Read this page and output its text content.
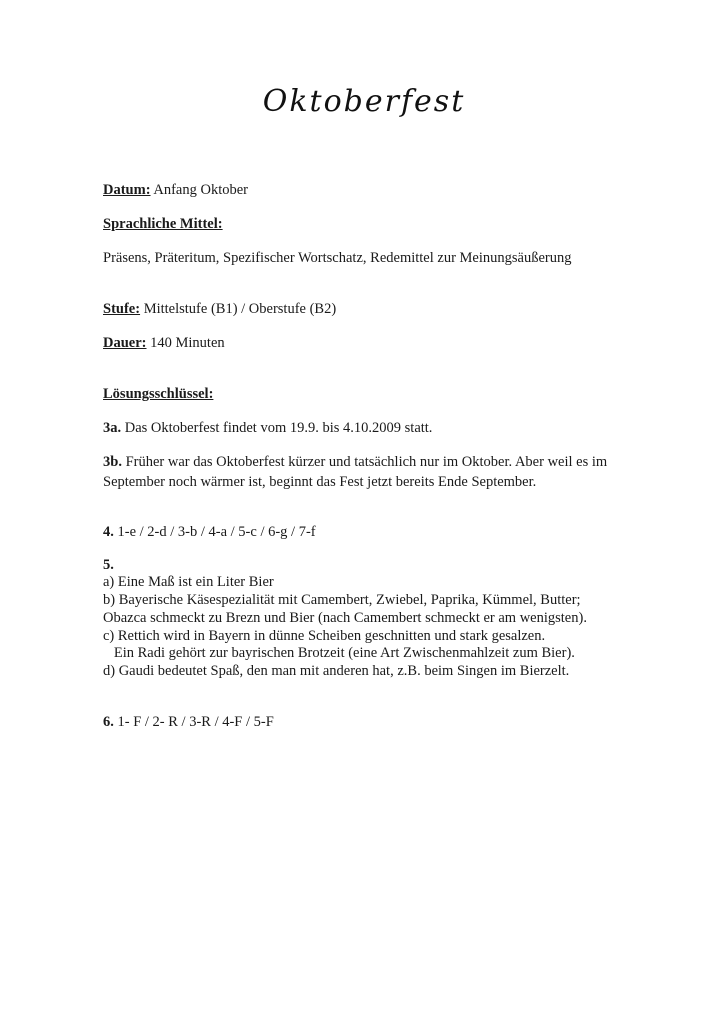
Oktoberfest
Datum: Anfang Oktober
Sprachliche Mittel:
Präsens, Präteritum, Spezifischer Wortschatz, Redemittel zur Meinungsäußerung
Stufe: Mittelstufe (B1) / Oberstufe (B2)
Dauer: 140 Minuten
Lösungsschlüssel:
3a. Das Oktoberfest findet vom 19.9. bis 4.10.2009 statt.
3b. Früher war das Oktoberfest kürzer und tatsächlich nur im Oktober. Aber weil es im
September noch wärmer ist, beginnt das Fest jetzt bereits Ende September.
4. 1-e / 2-d / 3-b / 4-a / 5-c / 6-g / 7-f
5.
a) Eine Maß ist ein Liter Bier
b) Bayerische Käsespezialität mit Camembert, Zwiebel, Paprika, Kümmel, Butter;
Obazca schmeckt zu Brezn und Bier (nach Camembert schmeckt er am wenigsten).
c) Rettich wird in Bayern in dünne Scheiben geschnitten und stark gesalzen.
Ein Radi gehört zur bayrischen Brotzeit (eine Art Zwischenmahlzeit zum Bier).
d) Gaudi bedeutet Spaß, den man mit anderen hat, z.B. beim Singen im Bierzelt.
6. 1- F / 2- R / 3-R / 4-F / 5-F
